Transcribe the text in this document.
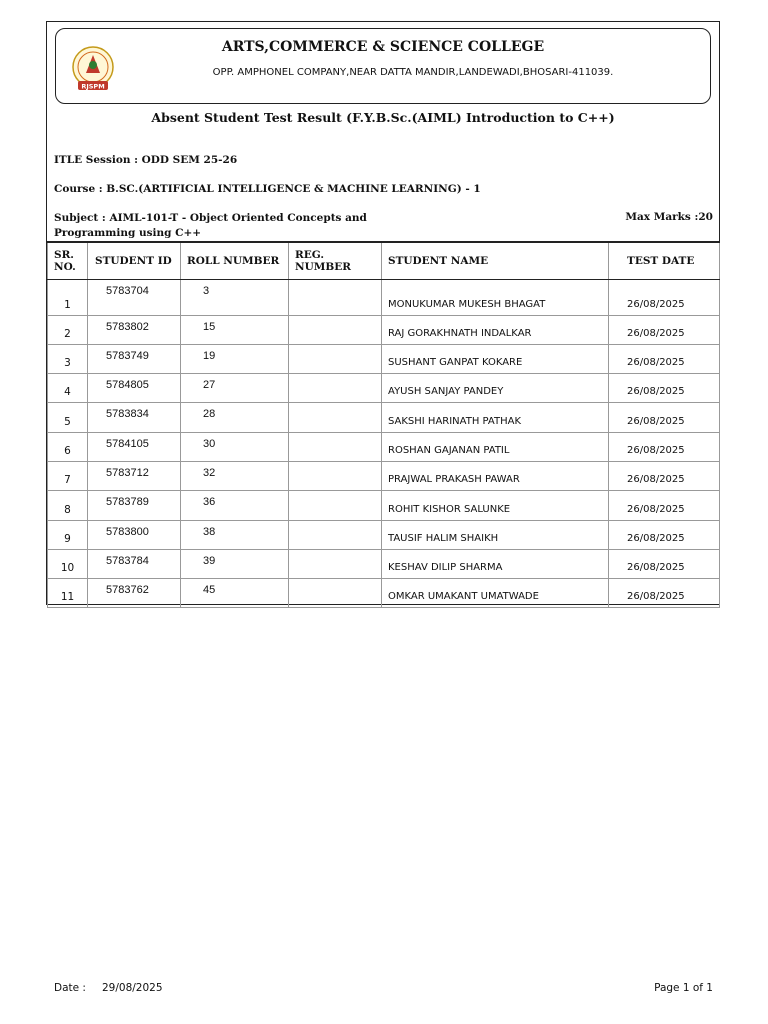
RJSPM
ARTS,COMMERCE & SCIENCE COLLEGE
OPP. AMPHONEL COMPANY,NEAR DATTA MANDIR,LANDEWADI,BHOSARI-411039.
Absent Student Test Result (F.Y.B.Sc.(AIML) Introduction to C++)
ITLE Session : ODD SEM 25-26
Course : B.SC.(ARTIFICIAL INTELLIGENCE & MACHINE LEARNING) - 1
Subject : AIML-101-T - Object Oriented Concepts and Programming using C++
Max Marks :20
SR. NO.	STUDENT ID	ROLL NUMBER	REG. NUMBER	STUDENT NAME	TEST DATE
1	5783704	3		MONUKUMAR MUKESH BHAGAT	26/08/2025
2	5783802	15		RAJ GORAKHNATH INDALKAR	26/08/2025
3	5783749	19		SUSHANT GANPAT KOKARE	26/08/2025
4	5784805	27		AYUSH SANJAY PANDEY	26/08/2025
5	5783834	28		SAKSHI HARINATH PATHAK	26/08/2025
6	5784105	30		ROSHAN GAJANAN PATIL	26/08/2025
7	5783712	32		PRAJWAL PRAKASH PAWAR	26/08/2025
8	5783789	36		ROHIT KISHOR SALUNKE	26/08/2025
9	5783800	38		TAUSIF HALIM SHAIKH	26/08/2025
10	5783784	39		KESHAV DILIP SHARMA	26/08/2025
11	5783762	45		OMKAR UMAKANT UMATWADE	26/08/2025
Date : 29/08/2025	Page 1 of 1
